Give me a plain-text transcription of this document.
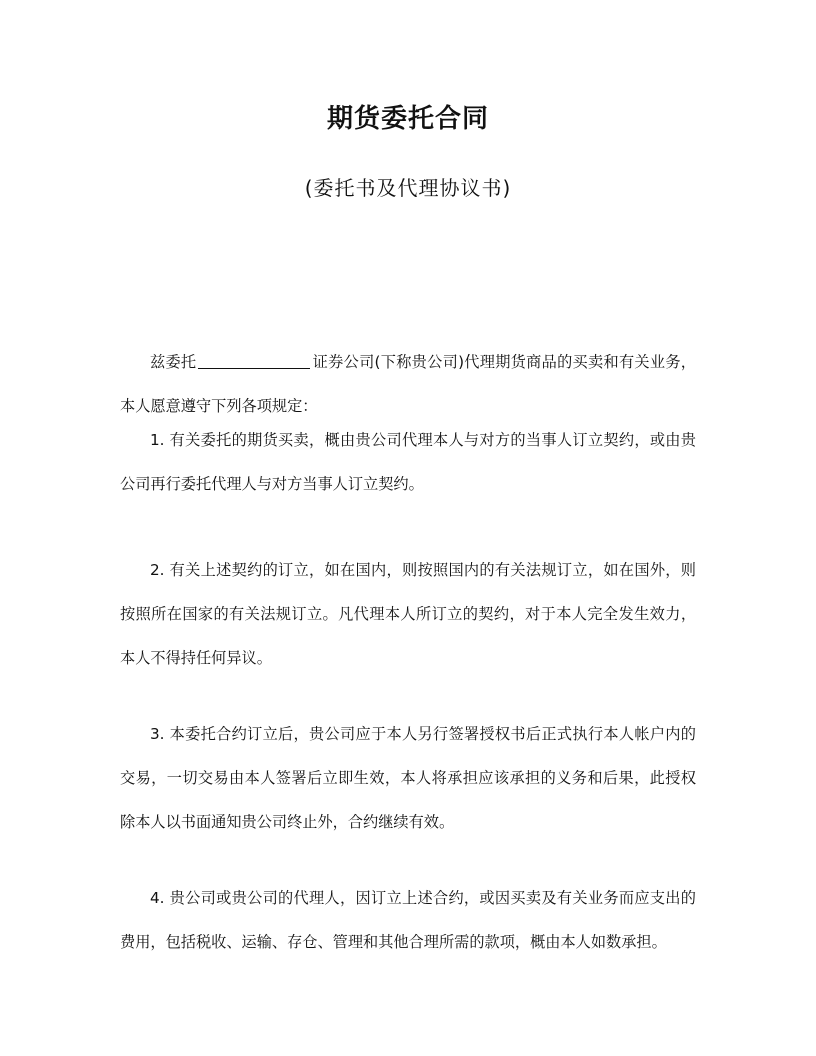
期货委托合同
(委托书及代理协议书)

兹委托	证券公司(下称贵公司)代理期货商品的买卖和有关业务，本人愿意遵守下列各项规定：

1. 有关委托的期货买卖，概由贵公司代理本人与对方的当事人订立契约，或由贵公司再行委托代理人与对方当事人订立契约。

2. 有关上述契约的订立，如在国内，则按照国内的有关法规订立，如在国外，则按照所在国家的有关法规订立。凡代理本人所订立的契约，对于本人完全发生效力，本人不得持任何异议。

3. 本委托合约订立后，贵公司应于本人另行签署授权书后正式执行本人帐户内的交易，一切交易由本人签署后立即生效，本人将承担应该承担的义务和后果，此授权除本人以书面通知贵公司终止外，合约继续有效。

4. 贵公司或贵公司的代理人，因订立上述合约，或因买卖及有关业务而应支出的费用，包括税收、运输、存仓、管理和其他合理所需的款项，概由本人如数承担。
